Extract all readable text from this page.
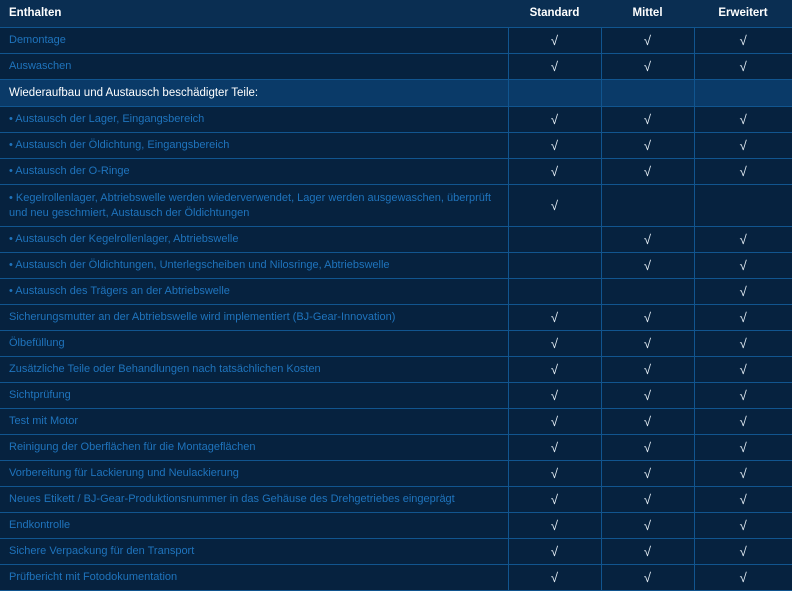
Enthalten	Standard	Mittel	Erweitert
Demontage	√	√	√
Auswaschen	√	√	√
Wiederaufbau und Austausch beschädigter Teile:			
• Austausch der Lager, Eingangsbereich	√	√	√
• Austausch der Öldichtung, Eingangsbereich	√	√	√
• Austausch der O-Ringe	√	√	√
• Kegelrollenlager, Abtriebswelle werden wiederverwendet, Lager werden ausgewaschen, überprüft und neu geschmiert, Austausch der Öldichtungen	√		
• Austausch der Kegelrollenlager, Abtriebswelle		√	√
• Austausch der Öldichtungen, Unterlegscheiben und Nilosringe, Abtriebswelle		√	√
• Austausch des Trägers an der Abtriebswelle			√
Sicherungsmutter an der Abtriebswelle wird implementiert (BJ-Gear-Innovation)	√	√	√
Ölbefüllung	√	√	√
Zusätzliche Teile oder Behandlungen nach tatsächlichen Kosten	√	√	√
Sichtprüfung	√	√	√
Test mit Motor	√	√	√
Reinigung der Oberflächen für die Montageflächen	√	√	√
Vorbereitung für Lackierung und Neulackierung	√	√	√
Neues Etikett / BJ-Gear-Produktionsnummer in das Gehäuse des Drehgetriebes eingeprägt	√	√	√
Endkontrolle	√	√	√
Sichere Verpackung für den Transport	√	√	√
Prüfbericht mit Fotodokumentation	√	√	√
